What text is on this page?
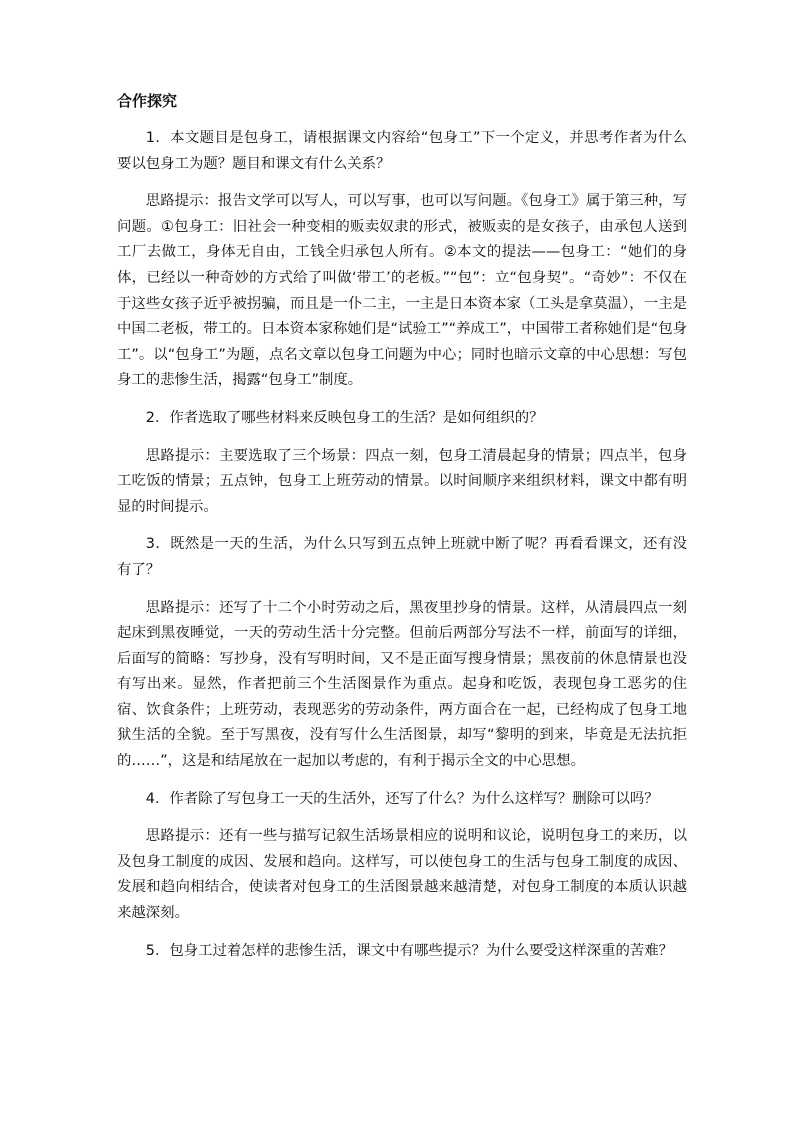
合作探究

1．本文题目是包身工，请根据课文内容给“包身工”下一个定义，并思考作者为什么要以包身工为题？题目和课文有什么关系？

思路提示：报告文学可以写人，可以写事，也可以写问题。《包身工》属于第三种，写问题。①包身工：旧社会一种变相的贩卖奴隶的形式，被贩卖的是女孩子，由承包人送到工厂去做工，身体无自由，工钱全归承包人所有。②本文的提法——包身工：“她们的身体，已经以一种奇妙的方式给了叫做‘带工’的老板。”“包”：立“包身契”。“奇妙”：不仅在于这些女孩子近乎被拐骗，而且是一仆二主，一主是日本资本家（工头是拿莫温），一主是中国二老板，带工的。日本资本家称她们是“试验工”“养成工”，中国带工者称她们是“包身工”。以“包身工”为题，点名文章以包身工问题为中心；同时也暗示文章的中心思想：写包身工的悲惨生活，揭露“包身工”制度。

2．作者选取了哪些材料来反映包身工的生活？是如何组织的？

思路提示：主要选取了三个场景：四点一刻，包身工清晨起身的情景；四点半，包身工吃饭的情景；五点钟，包身工上班劳动的情景。以时间顺序来组织材料，课文中都有明显的时间提示。

3．既然是一天的生活，为什么只写到五点钟上班就中断了呢？再看看课文，还有没有了？

思路提示：还写了十二个小时劳动之后，黑夜里抄身的情景。这样，从清晨四点一刻起床到黑夜睡觉，一天的劳动生活十分完整。但前后两部分写法不一样，前面写的详细，后面写的简略：写抄身，没有写明时间，又不是正面写搜身情景；黑夜前的休息情景也没有写出来。显然，作者把前三个生活图景作为重点。起身和吃饭，表现包身工恶劣的住宿、饮食条件；上班劳动，表现恶劣的劳动条件，两方面合在一起，已经构成了包身工地狱生活的全貌。至于写黑夜，没有写什么生活图景，却写“黎明的到来，毕竟是无法抗拒的……”，这是和结尾放在一起加以考虑的，有利于揭示全文的中心思想。

4．作者除了写包身工一天的生活外，还写了什么？为什么这样写？删除可以吗？

思路提示：还有一些与描写记叙生活场景相应的说明和议论，说明包身工的来历，以及包身工制度的成因、发展和趋向。这样写，可以使包身工的生活与包身工制度的成因、发展和趋向相结合，使读者对包身工的生活图景越来越清楚，对包身工制度的本质认识越来越深刻。

5．包身工过着怎样的悲惨生活，课文中有哪些提示？为什么要受这样深重的苦难？
